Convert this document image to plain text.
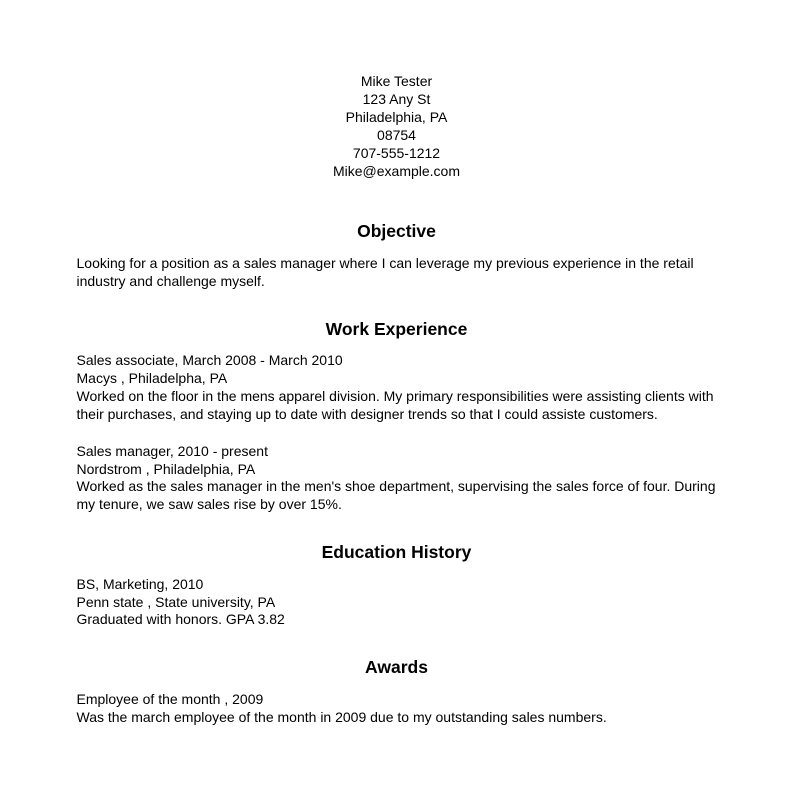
Mike Tester
123 Any St
Philadelphia, PA
08754
707-555-1212
Mike@example.com
Objective

Looking for a position as a sales manager where I can leverage my previous experience in the retail industry and challenge myself.

Work Experience
Sales associate, March 2008 - March 2010
Macys , Philadelpha, PA
Worked on the floor in the mens apparel division. My primary responsibilities were assisting clients with their purchases, and staying up to date with designer trends so that I could assiste customers.
Sales manager, 2010 - present
Nordstrom , Philadelphia, PA
Worked as the sales manager in the men's shoe department, supervising the sales force of four. During my tenure, we saw sales rise by over 15%.
Education History
BS, Marketing, 2010
Penn state , State university, PA
Graduated with honors. GPA 3.82
Awards
Employee of the month , 2009
Was the march employee of the month in 2009 due to my outstanding sales numbers.
